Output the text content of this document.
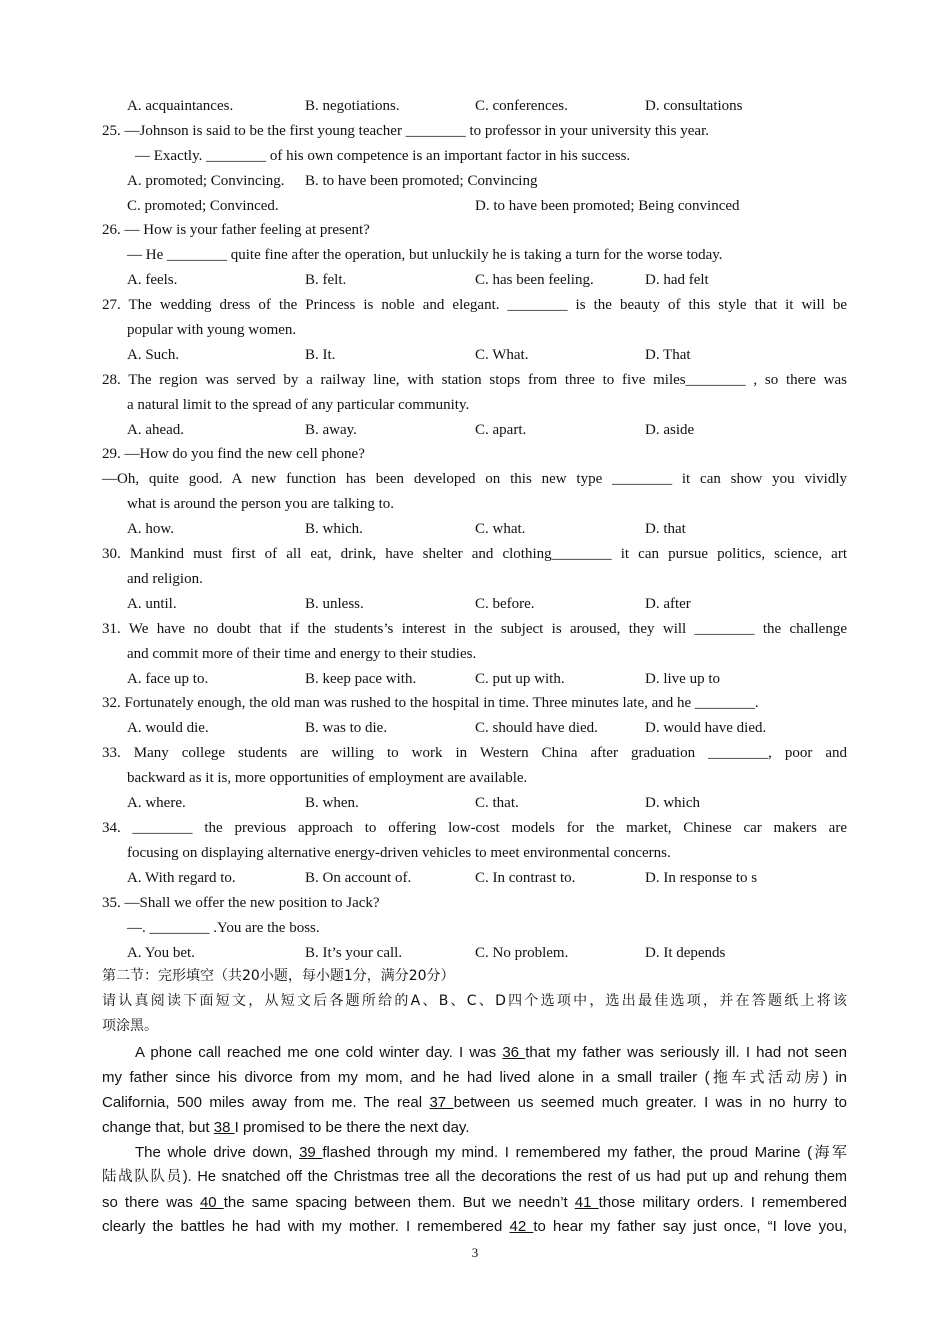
A. acquaintances.	B. negotiations.	C. conferences.	D. consultations
25. —Johnson is said to be the first young teacher ________ to professor in your university this year.
— Exactly. ________ of his own competence is an important factor in his success.
A. promoted; Convincing. B. to have been promoted; Convincing
C. promoted; Convinced.	D. to have been promoted; Being convinced
26. — How is your father feeling at present?
— He ________ quite fine after the operation, but unluckily he is taking a turn for the worse today.
A. feels.	B. felt.	C. has been feeling.	D. had felt
27. The wedding dress of the Princess is noble and elegant. ________ is the beauty of this style that it will be
popular with young women.
A. Such.	B. It.	C. What.	D. That
28. The region was served by a railway line, with station stops from three to five miles________ , so there was
a natural limit to the spread of any particular community.
A. ahead.	B. away.	C. apart.	D. aside
29. —How do you find the new cell phone?
—Oh, quite good. A new function has been developed on this new type ________ it can show you vividly
what is around the person you are talking to.
A. how.	B. which.	C. what.	D. that
30. Mankind must first of all eat, drink, have shelter and clothing________ it can pursue politics, science, art
and religion.
A. until.	B. unless.	C. before.	D. after
31. We have no doubt that if the students’s interest in the subject is aroused, they will ________ the challenge
and commit more of their time and energy to their studies.
A. face up to.	B. keep pace with.	C. put up with.	D. live up to
32. Fortunately enough, the old man was rushed to the hospital in time. Three minutes late, and he ________.
A. would die.	B. was to die.	C. should have died.	D. would have died.
33. Many college students are willing to work in Western China after graduation ________, poor and
backward as it is, more opportunities of employment are available.
A. where.	B. when.	C. that.	D. which
34. ________ the previous approach to offering low-cost models for the market, Chinese car makers are
focusing on displaying alternative energy-driven vehicles to meet environmental concerns.
A. With regard to.	B. On account of.	C. In contrast to.	D. In response to s
35. —Shall we offer the new position to Jack?
—. ________ .You are the boss.
A. You bet.	B. It’s your call.	C. No problem.	D. It depends
第二节：完形填空（共20小题，每小题1分，满分20分）
请认真阅读下面短文，从短文后各题所给的A、B、C、D四个选项中，选出最佳选项，并在答题纸上将该
项涂黑。
A phone call reached me one cold winter day. I was 36 that my father was seriously ill. I had not seen
my father since his divorce from my mom, and he had lived alone in a small trailer (拖车式活动房) in
California, 500 miles away from me. The real 37 between us seemed much greater. I was in no hurry to
change that, but 38 I promised to be there the next day.
The whole drive down, 39 flashed through my mind. I remembered my father, the proud Marine (海军
陆战队队员). He snatched off the Christmas tree all the decorations the rest of us had put up and rehung them
so there was 40 the same spacing between them. But we needn’t 41 those military orders. I remembered
clearly the battles he had with my mother. I remembered 42 to hear my father say just once, “I love you,
3
